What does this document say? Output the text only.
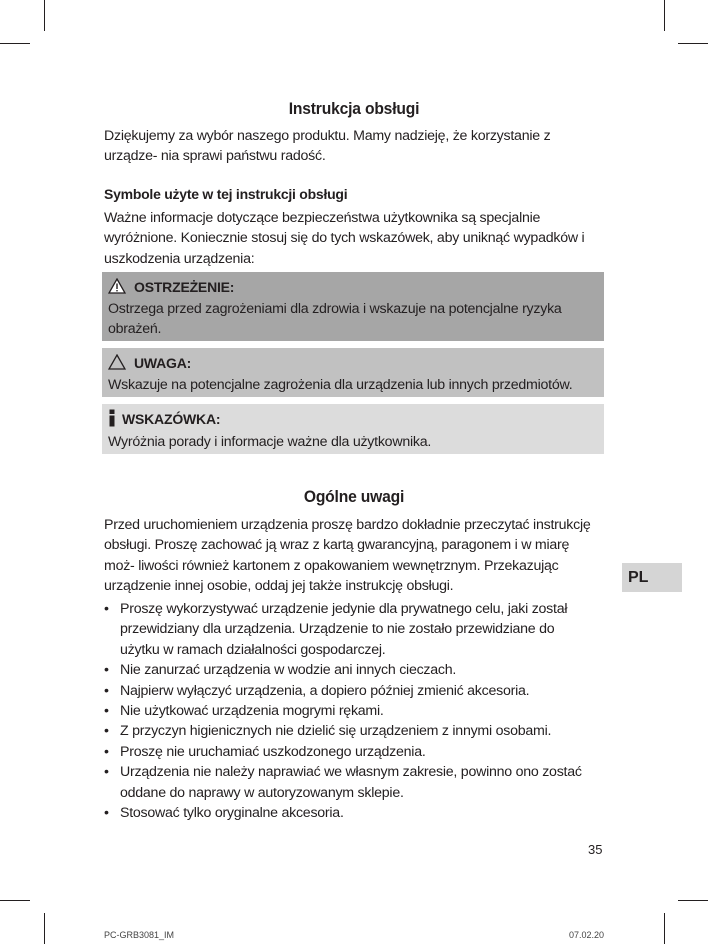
Instrukcja obsługi
Dziękujemy za wybór naszego produktu. Mamy nadzieję, że korzystanie z urządze- nia sprawi państwu radość.
Symbole użyte w tej instrukcji obsługi
Ważne informacje dotyczące bezpieczeństwa użytkownika są specjalnie wyróżnione. Koniecznie stosuj się do tych wskazówek, aby uniknąć wypadków i uszkodzenia urządzenia:
OSTRZEŻENIE:
Ostrzega przed zagrożeniami dla zdrowia i wskazuje na potencjalne ryzyka obrażeń.
UWAGA:
Wskazuje na potencjalne zagrożenia dla urządzenia lub innych przedmiotów.
WSKAZÓWKA:
Wyróżnia porady i informacje ważne dla użytkownika.
Ogólne uwagi
Przed uruchomieniem urządzenia proszę bardzo dokładnie przeczytać instrukcję obsługi. Proszę zachować ją wraz z kartą gwarancyjną, paragonem i w miarę moż- liwości również kartonem z opakowaniem wewnętrznym. Przekazując urządzenie innej osobie, oddaj jej także instrukcję obsługi.
• Proszę wykorzystywać urządzenie jedynie dla prywatnego celu, jaki został przewidziany dla urządzenia. Urządzenie to nie zostało przewidziane do użytku w ramach działalności gospodarczej.
• Nie zanurzać urządzenia w wodzie ani innych cieczach.
• Najpierw wyłączyć urządzenia, a dopiero później zmienić akcesoria.
• Nie użytkować urządzenia mogrymi rękami.
• Z przyczyn higienicznych nie dzielić się urządzeniem z innymi osobami.
• Proszę nie uruchamiać uszkodzonego urządzenia.
• Urządzenia nie należy naprawiać we własnym zakresie, powinno ono zostać oddane do naprawy w autoryzowanym sklepie.
• Stosować tylko oryginalne akcesoria.
PL
35
PC-GRB3081_IM	07.02.20
